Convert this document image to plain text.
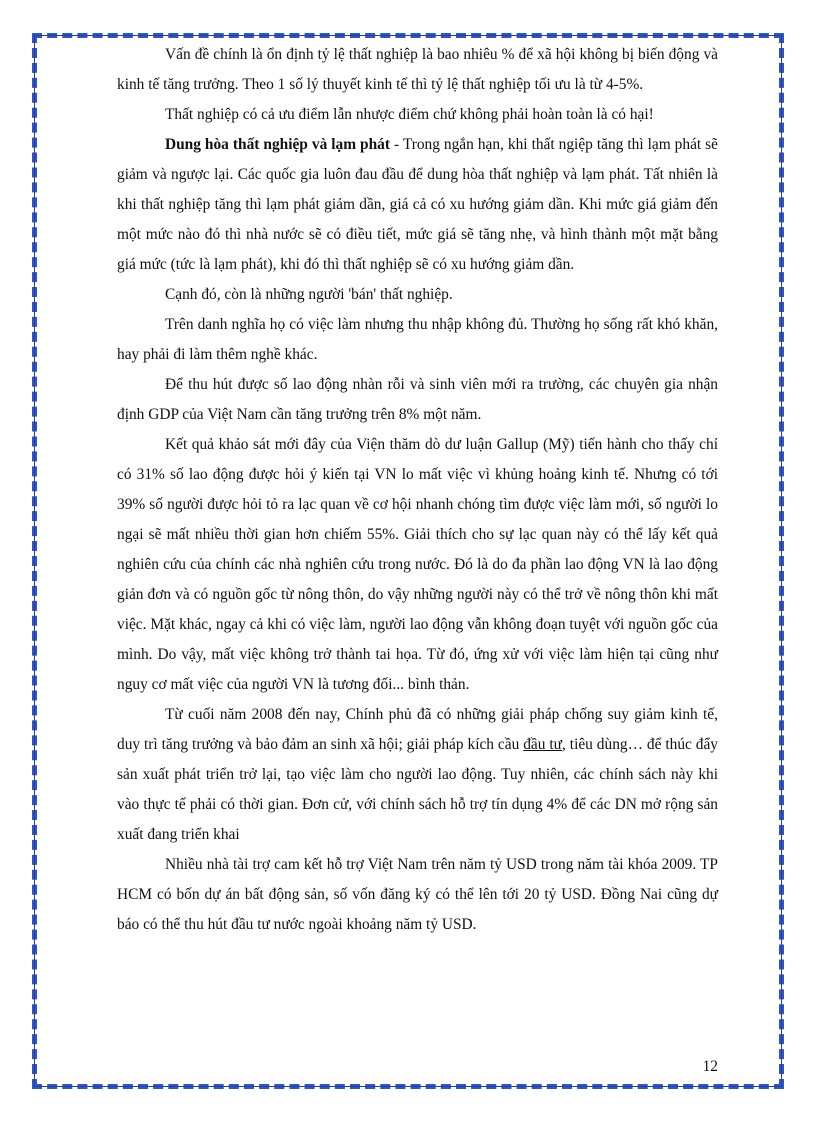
Vấn đề chính là ổn định tỷ lệ thất nghiệp là bao nhiêu % để xã hội không bị biến động và kinh tế tăng trưởng. Theo 1 số lý thuyết kinh tế thì tỷ lệ thất nghiệp tối ưu là từ 4-5%.

Thất nghiệp có cả ưu điểm lẫn nhược điểm chứ không phải hoàn toàn là có hại!

Dung hòa thất nghiệp và lạm phát - Trong ngắn hạn, khi thất ngiệp tăng thì lạm phát sẽ giảm và ngược lại. Các quốc gia luôn đau đầu để dung hòa thất nghiệp và lạm phát. Tất nhiên là khi thất nghiệp tăng thì lạm phát giảm dần, giá cả có xu hướng giảm dần. Khi mức giá giảm đến một mức nào đó thì nhà nước sẽ có điều tiết, mức giá sẽ tăng nhẹ, và hình thành một mặt bằng giá mức (tức là lạm phát), khi đó thì thất nghiệp sẽ có xu hướng giảm dần.

Cạnh đó, còn là những người 'bán' thất nghiệp.

Trên danh nghĩa họ có việc làm nhưng thu nhập không đủ. Thường họ sống rất khó khăn, hay phải đi làm thêm nghề khác.

Để thu hút được số lao động nhàn rỗi và sinh viên mới ra trường, các chuyên gia nhận định GDP của Việt Nam cần tăng trưởng trên 8% một năm.

Kết quả khảo sát mới đây của Viện thăm dò dư luận Gallup (Mỹ) tiến hành cho thấy chỉ có 31% số lao động được hỏi ý kiến tại VN lo mất việc vì khủng hoảng kinh tế. Nhưng có tới 39% số người được hỏi tỏ ra lạc quan về cơ hội nhanh chóng tìm được việc làm mới, số người lo ngại sẽ mất nhiều thời gian hơn chiếm 55%. Giải thích cho sự lạc quan này có thể lấy kết quả nghiên cứu của chính các nhà nghiên cứu trong nước. Đó là do đa phần lao động VN là lao động giản đơn và có nguồn gốc từ nông thôn, do vậy những người này có thể trở về nông thôn khi mất việc. Mặt khác, ngay cả khi có việc làm, người lao động vẫn không đoạn tuyệt với nguồn gốc của mình. Do vậy, mất việc không trở thành tai họa. Từ đó, ứng xử với việc làm hiện tại cũng như nguy cơ mất việc của người VN là tương đối... bình thản.

Từ cuối năm 2008 đến nay, Chính phủ đã có những giải pháp chống suy giảm kinh tế, duy trì tăng trưởng và bảo đảm an sinh xã hội; giải pháp kích cầu đầu tư, tiêu dùng… để thúc đẩy sản xuất phát triển trở lại, tạo việc làm cho người lao động. Tuy nhiên, các chính sách này khi vào thực tế phải có thời gian. Đơn cử, với chính sách hỗ trợ tín dụng 4% để các DN mở rộng sản xuất đang triển khai

Nhiều nhà tài trợ cam kết hỗ trợ Việt Nam trên năm tỷ USD trong năm tài khóa 2009. TP HCM có bốn dự án bất động sản, số vốn đăng ký có thể lên tới 20 tỷ USD. Đồng Nai cũng dự báo có thể thu hút đầu tư nước ngoài khoảng năm tỷ USD.

12
